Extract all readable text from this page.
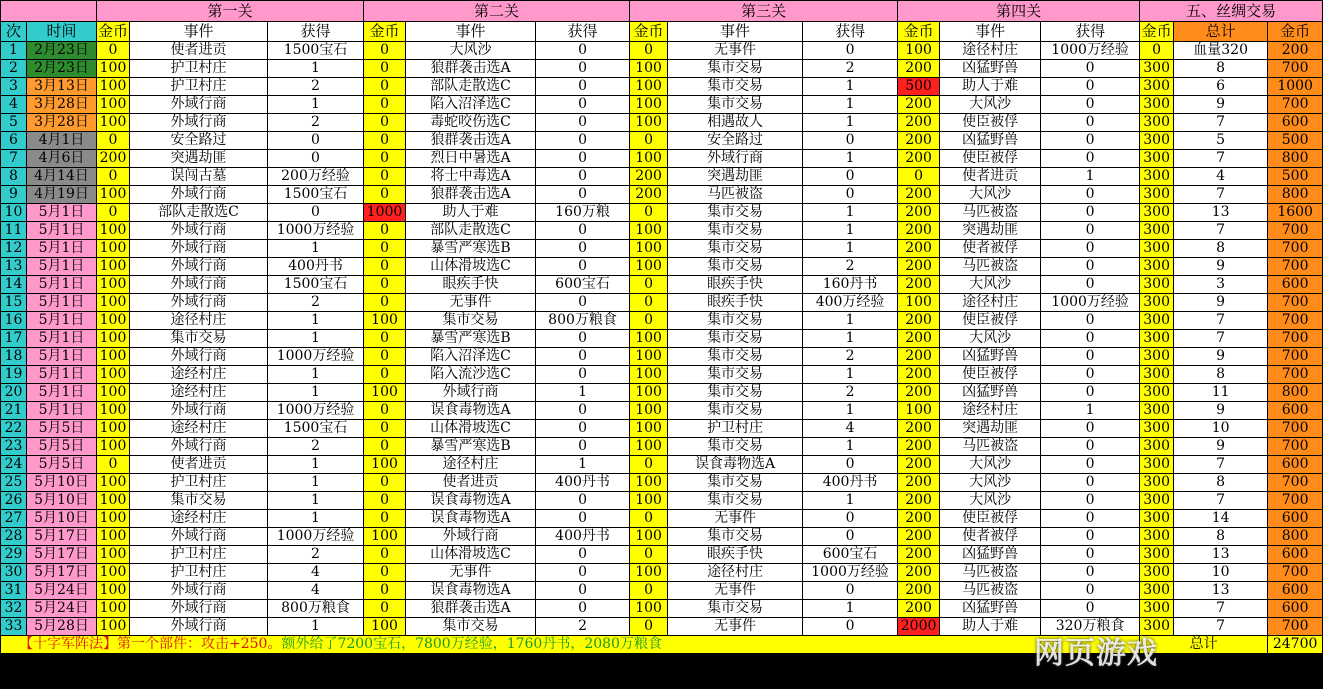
		第一关			第二关			第三关			第四关			五、丝绸交易		
次	时间	金币	事件	获得	金币	事件	获得	金币	事件	获得	金币	事件	获得	金币	总计	金币
1	2月23日	0	使者进贡	1500宝石	0	大风沙	0	0	无事件	0	100	途径村庄	1000万经验	0	血量320	200
2	2月23日	100	护卫村庄	1	0	狼群袭击选A	0	100	集市交易	2	200	凶猛野兽	0	300	8	700
3	3月13日	100	护卫村庄	2	0	部队走散选C	0	100	集市交易	1	500	助人于难	0	300	6	1000
4	3月28日	100	外域行商	1	0	陷入沼泽选C	0	100	集市交易	1	200	大风沙	0	300	9	700
5	3月28日	100	外域行商	2	0	毒蛇咬伤选C	0	100	相遇故人	1	200	使臣被俘	0	300	7	600
6	4月1日	0	安全路过	0	0	狼群袭击选A	0	0	安全路过	0	200	凶猛野兽	0	300	5	500
7	4月6日	200	突遇劫匪	0	0	烈日中暑选A	0	100	外域行商	1	200	使臣被俘	0	300	7	800
8	4月14日	0	误闯古墓	200万经验	0	将士中毒选A	0	200	突遇劫匪	0	0	使者进贡	1	300	4	500
9	4月19日	100	外域行商	1500宝石	0	狼群袭击选A	0	200	马匹被盗	0	200	大风沙	0	300	7	800
10	5月1日	0	部队走散选C	0	1000	助人于难	160万粮	0	集市交易	1	200	马匹被盗	0	300	13	1600
11	5月1日	100	外域行商	1000万经验	0	部队走散选C	0	100	集市交易	1	200	突遇劫匪	0	300	7	700
12	5月1日	100	外域行商	1	0	暴雪严寒选B	0	100	集市交易	1	200	使者被俘	0	300	8	700
13	5月1日	100	外域行商	400丹书	0	山体滑坡选C	0	100	集市交易	2	200	马匹被盗	0	300	9	700
14	5月1日	100	外域行商	1500宝石	0	眼疾手快	600宝石	0	眼疾手快	160丹书	200	大风沙	0	300	3	600
15	5月1日	100	外域行商	2	0	无事件	0	0	眼疾手快	400万经验	100	途径村庄	1000万经验	300	9	700
16	5月1日	100	途径村庄	1	100	集市交易	800万粮食	0	集市交易	1	200	使臣被俘	0	300	7	700
17	5月1日	100	集市交易	1	0	暴雪严寒选B	0	100	集市交易	1	200	大风沙	0	300	7	700
18	5月1日	100	外域行商	1000万经验	0	陷入沼泽选C	0	100	集市交易	2	200	凶猛野兽	0	300	9	700
19	5月1日	100	途经村庄	1	0	陷入流沙选C	0	100	集市交易	1	200	使臣被俘	0	300	8	700
20	5月1日	100	途经村庄	1	100	外域行商	1	100	集市交易	2	200	凶猛野兽	0	300	11	800
21	5月1日	100	外域行商	1000万经验	0	误食毒物选A	0	100	集市交易	1	100	途经村庄	1	300	9	600
22	5月5日	100	途经村庄	1500宝石	0	山体滑坡选C	0	100	护卫村庄	4	200	突遇劫匪	0	300	10	700
23	5月5日	100	外域行商	2	0	暴雪严寒选B	0	100	集市交易	1	200	马匹被盗	0	300	9	700
24	5月5日	0	使者进贡	1	100	途径村庄	1	0	误食毒物选A	0	200	大风沙	0	300	7	600
25	5月10日	100	护卫村庄	1	0	使者进贡	400丹书	100	集市交易	400丹书	200	大风沙	0	300	8	700
26	5月10日	100	集市交易	1	0	误食毒物选A	0	100	集市交易	1	200	大风沙	0	300	7	700
27	5月10日	100	途经村庄	1	0	误食毒物选A	0	0	无事件	0	200	使臣被俘	0	300	14	600
28	5月17日	100	外域行商	1000万经验	100	外域行商	400丹书	100	集市交易	0	200	使者被俘	0	300	8	800
29	5月17日	100	护卫村庄	2	0	山体滑坡选C	0	0	眼疾手快	600宝石	200	凶猛野兽	0	300	13	600
30	5月17日	100	护卫村庄	4	0	无事件	0	100	途径村庄	1000万经验	200	马匹被盗	0	300	10	700
31	5月24日	100	外域行商	4	0	误食毒物选A	0	0	无事件	0	200	马匹被盗	0	300	13	600
32	5月24日	100	外域行商	800万粮食	0	狼群袭击选A	0	100	集市交易	1	200	凶猛野兽	0	300	7	600
33	5月28日	100	外域行商	1	100	集市交易	2	0	无事件	0	2000	助人于难	320万粮食	300	7	700
【十字军阵法】第一个部件：攻击+250。额外给了7200宝石，7800万经验，1760丹书，2080万粮食														总计		24700
网页游戏
